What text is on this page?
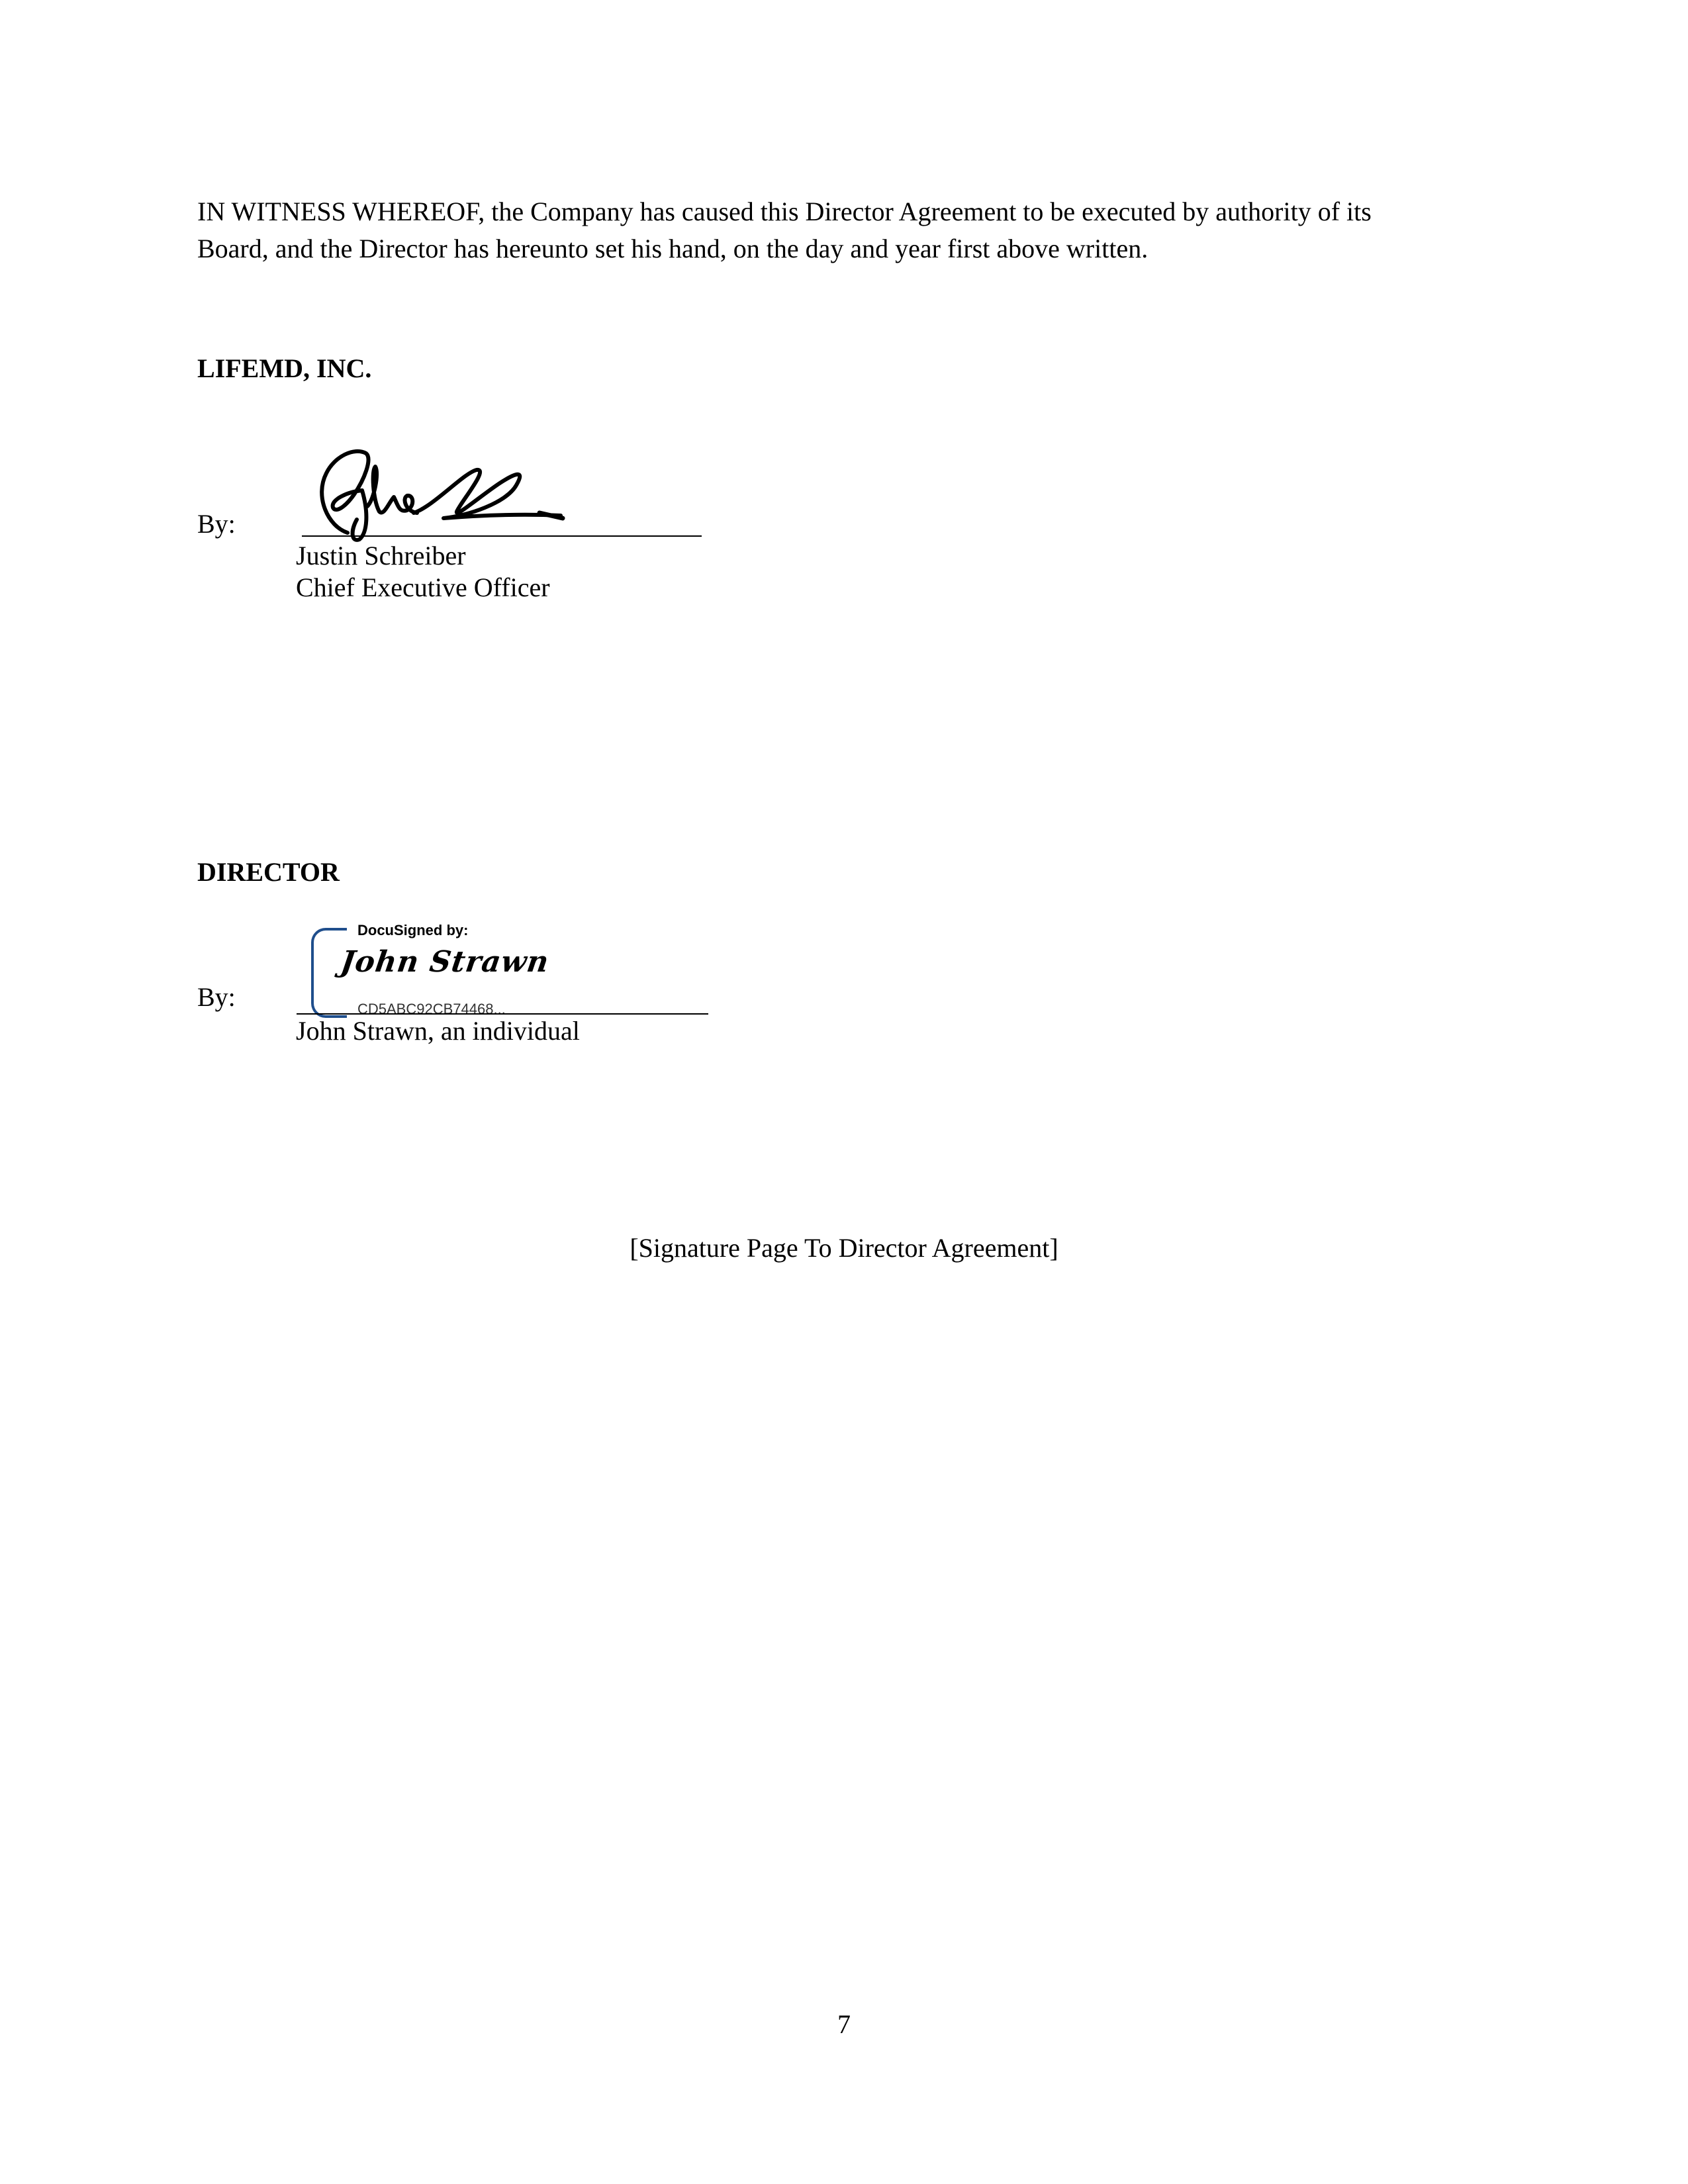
IN WITNESS WHEREOF, the Company has caused this Director Agreement to be executed by authority of its
Board, and the Director has hereunto set his hand, on the day and year first above written.
LIFEMD, INC.
By:
Justin Schreiber
Chief Executive Officer
DIRECTOR
By:
DocuSigned by:
John Strawn
CD5ABC92CB74468...
John Strawn, an individual
[Signature Page To Director Agreement]
7
